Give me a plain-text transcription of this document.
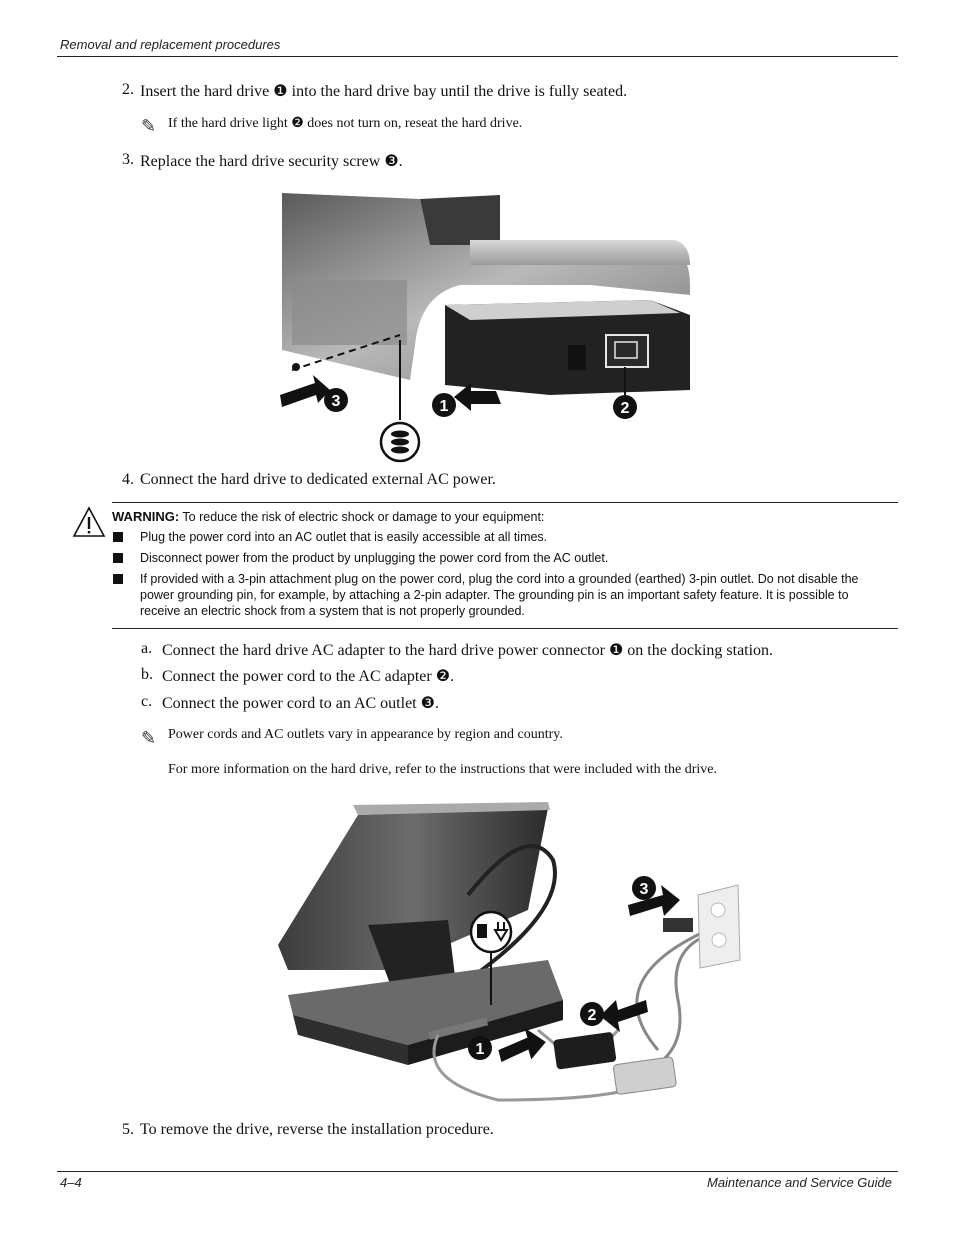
Removal and replacement procedures
2. Insert the hard drive ❶ into the hard drive bay until the drive is fully seated.
✎ If the hard drive light ❷ does not turn on, reseat the hard drive.
3. Replace the hard drive security screw ❸.
3	1	2
4. Connect the hard drive to dedicated external AC power.
WARNING: To reduce the risk of electric shock or damage to your equipment:
Plug the power cord into an AC outlet that is easily accessible at all times.
Disconnect power from the product by unplugging the power cord from the AC outlet.
If provided with a 3-pin attachment plug on the power cord, plug the cord into a grounded (earthed) 3-pin outlet. Do not disable the power grounding pin, for example, by attaching a 2-pin adapter. The grounding pin is an important safety feature. It is possible to receive an electric shock from a system that is not properly grounded.
a. Connect the hard drive AC adapter to the hard drive power connector ❶ on the docking station.
b. Connect the power cord to the AC adapter ❷.
c. Connect the power cord to an AC outlet ❸.
✎ Power cords and AC outlets vary in appearance by region and country.
For more information on the hard drive, refer to the instructions that were included with the drive.
1
2
3
5. To remove the drive, reverse the installation procedure.
4–4	Maintenance and Service Guide
